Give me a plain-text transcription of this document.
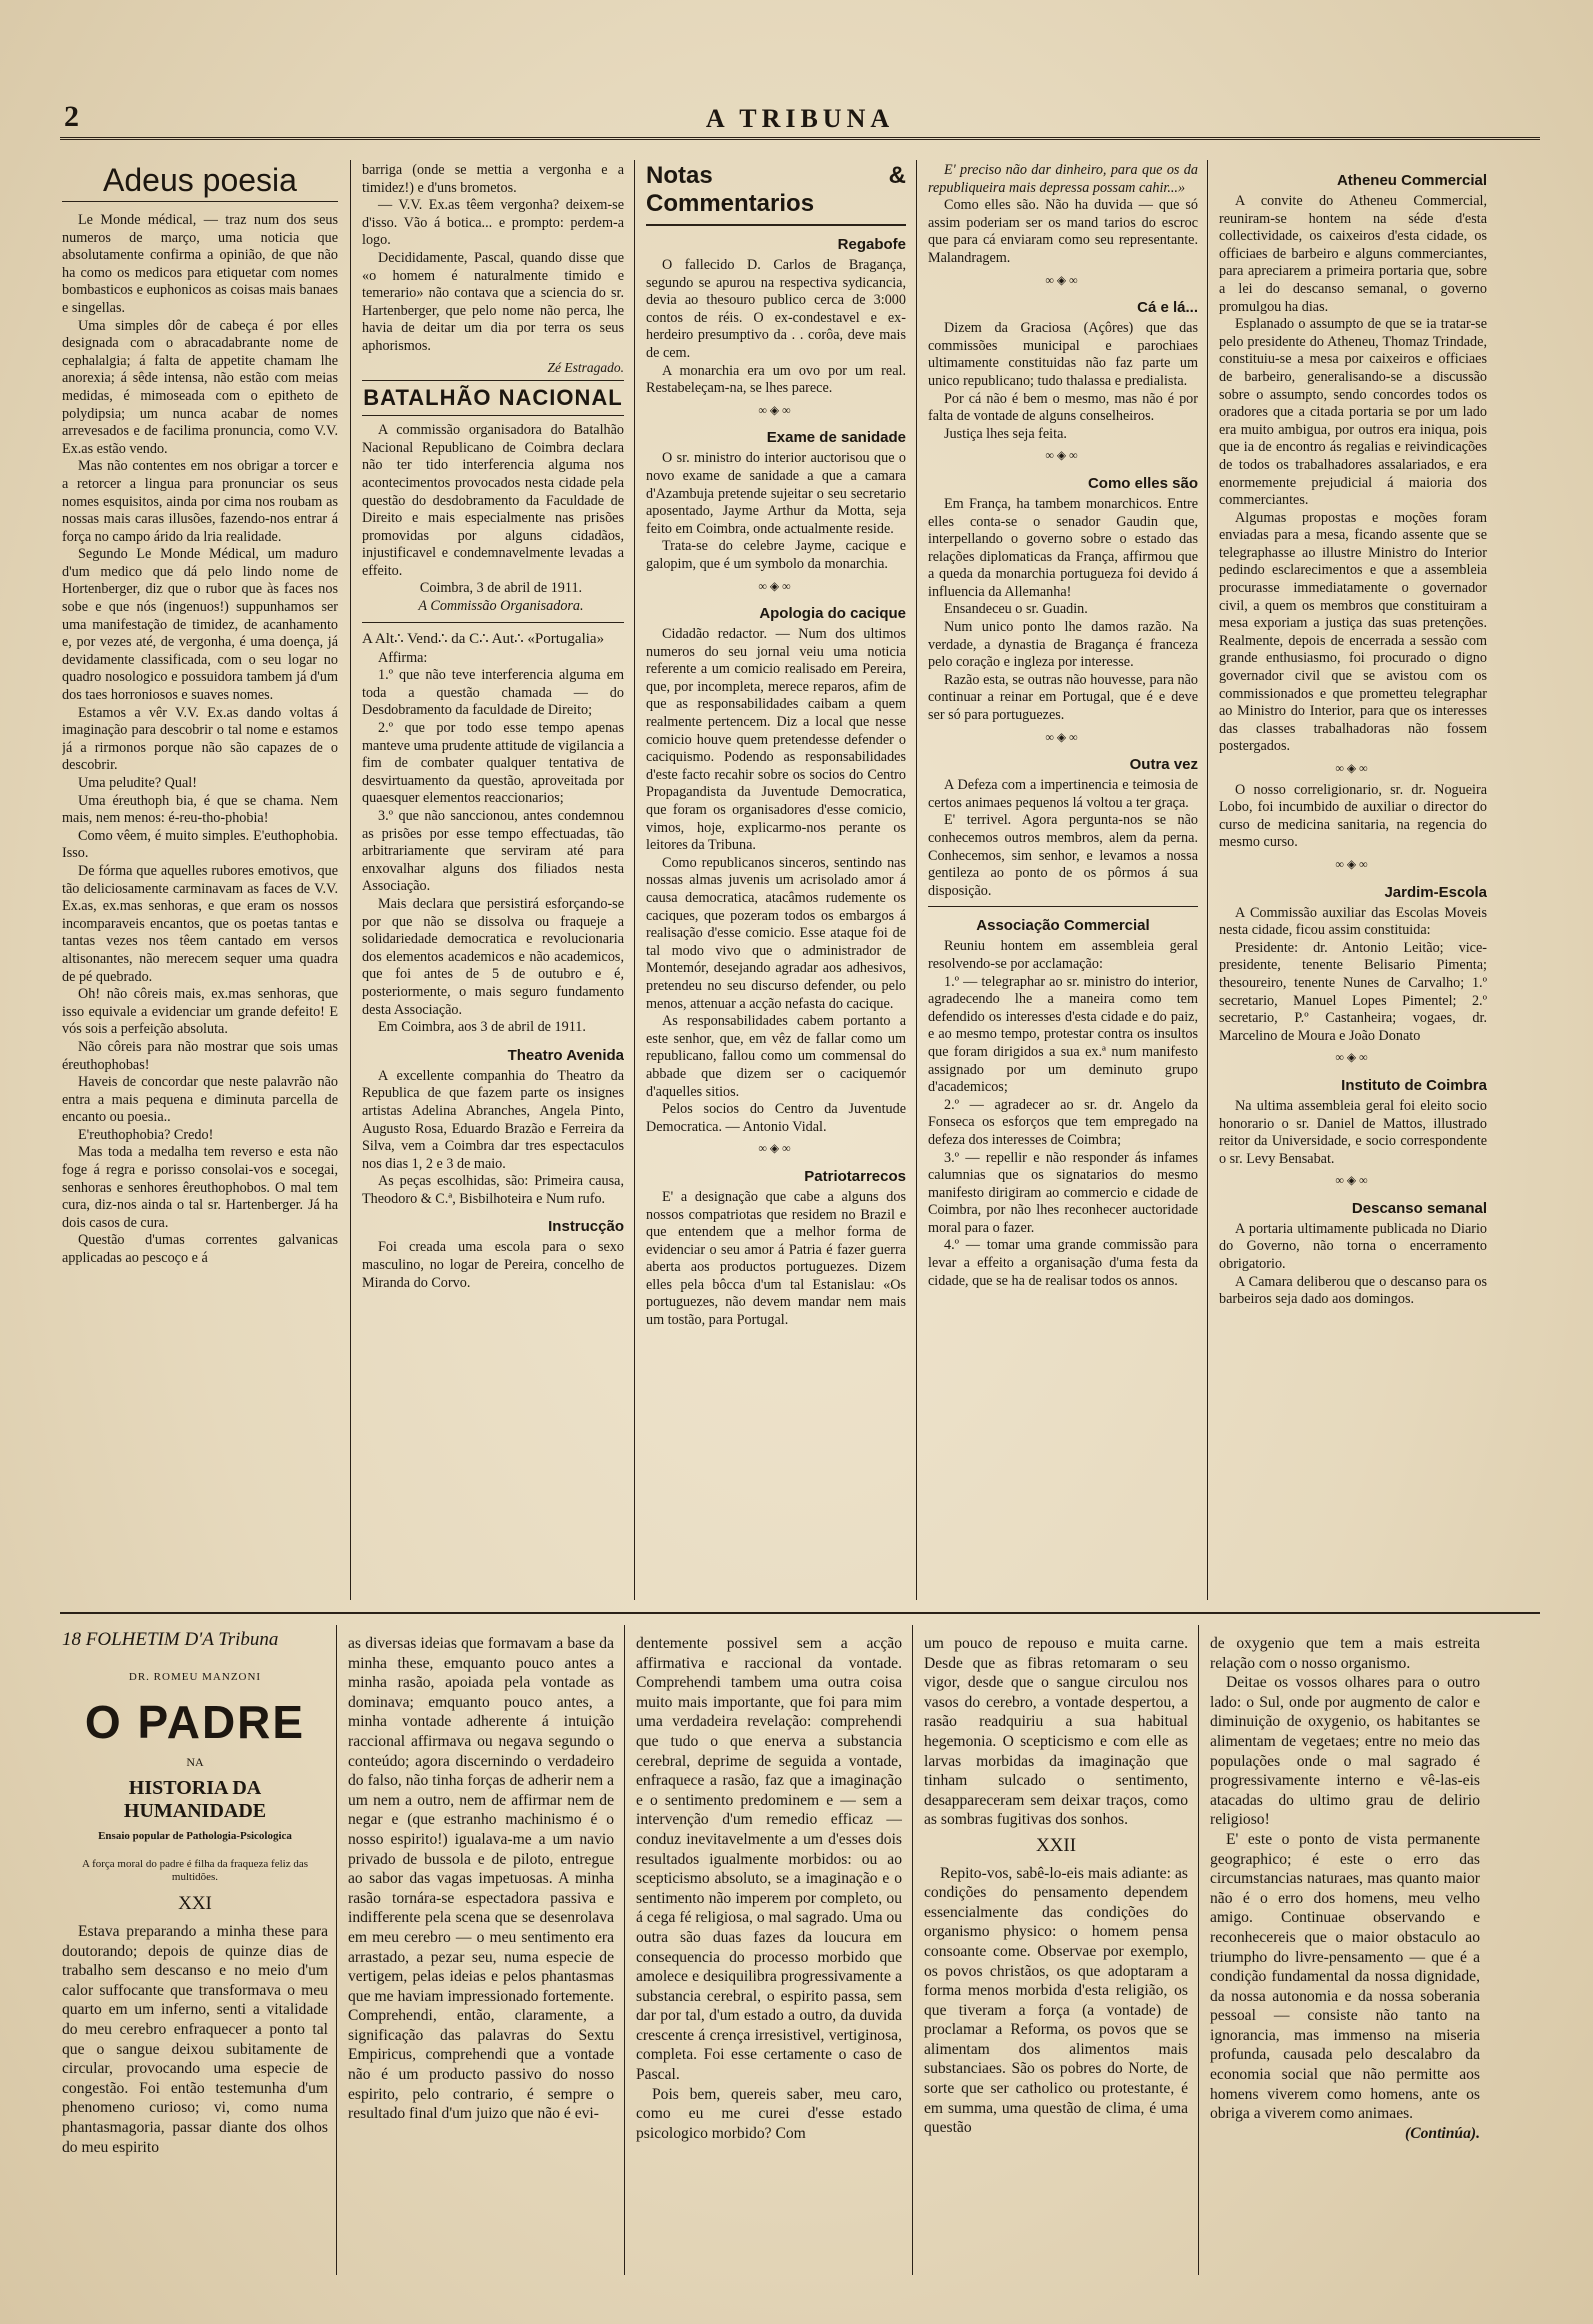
2	A TRIBUNA
Adeus poesia

Le Monde médical, — traz num dos seus numeros de março, uma noticia que absolutamente confirma a opinião, de que não ha como os medicos para etiquetar com nomes bombasticos e euphonicos as coisas mais banaes e singellas.

Uma simples dôr de cabeça é por elles designada com o abracadabrante nome de cephalalgia; á falta de appetite chamam lhe anorexia; á sêde intensa, não estão com meias medidas, é mimoseada com o epitheto de polydipsia; um nunca acabar de nomes arrevesados e de facilima pronuncia, como V.V. Ex.as estão vendo.

Mas não contentes em nos obrigar a torcer e a retorcer a lingua para pronunciar os seus nomes esquisitos, ainda por cima nos roubam as nossas mais caras illusões, fazendo-nos entrar á força no campo árido da lria realidade.

Segundo Le Monde Médical, um maduro d'um medico que dá pelo lindo nome de Hortenberger, diz que o rubor que às faces nos sobe e que nós (ingenuos!) suppunhamos ser uma manifestação de timidez, de acanhamento e, por vezes até, de vergonha, é uma doença, já devidamente classificada, com o seu logar no quadro nosologico e possuidora tambem já d'um dos taes horroniosos e suaves nomes.

Estamos a vêr V.V. Ex.as dando voltas á imaginação para descobrir o tal nome e estamos já a rirmonos porque não são capazes de o descobrir.

Uma peludite? Qual!

Uma éreuthoph bia, é que se chama. Nem mais, nem menos: é-reu-tho-phobia!

Como vêem, é muito simples. E'euthophobia. Isso.

De fórma que aquelles rubores emotivos, que tão deliciosamente carminavam as faces de V.V. Ex.as, ex.mas senhoras, e que eram os nossos incomparaveis encantos, que os poetas tantas e tantas vezes nos têem cantado em versos altisonantes, não merecem sequer uma quadra de pé quebrado.

Oh! não côreis mais, ex.mas senhoras, que isso equivale a evidenciar um grande defeito! E vós sois a perfeição absoluta.

Não côreis para não mostrar que sois umas éreuthophobas!

Haveis de concordar que neste palavrão não entra a mais pequena e diminuta parcella de encanto ou poesia..

E'reuthophobia? Credo!

Mas toda a medalha tem reverso e esta não foge á regra e porisso consolai-vos e socegai, senhoras e senhores êreuthophobos. O mal tem cura, diz-nos ainda o tal sr. Hartenberger. Já ha dois casos de cura.

Questão d'umas correntes galvanicas applicadas ao pescoço e á

barriga (onde se mettia a vergonha e a timidez!) e d'uns brometos.

— V.V. Ex.as têem vergonha? deixem-se d'isso. Vão á botica... e prompto: perdem-a logo.

Decididamente, Pascal, quando disse que «o homem é naturalmente timido e temerario» não contava que a sciencia do sr. Hartenberger, que pelo nome não perca, lhe havia de deitar um dia por terra os seus aphorismos.

Zé Estragado.
BATALHÃO NACIONAL

A commissão organisadora do Batalhão Nacional Republicano de Coimbra declara não ter tido interferencia alguma nos acontecimentos provocados nesta cidade pela questão do desdobramento da Faculdade de Direito e mais especialmente nas prisões promovidas por alguns cidadãos, injustificavel e condemnavelmente levadas a effeito.

Coimbra, 3 de abril de 1911.

A Commissão Organisadora.

A Alt∴ Vend∴ da C∴ Aut∴ «Portugalia»

Affirma:

1.º que não teve interferencia alguma em toda a questão chamada — do Desdobramento da faculdade de Direito;

2.º que por todo esse tempo apenas manteve uma prudente attitude de vigilancia a fim de combater qualquer tentativa de desvirtuamento da questão, aproveitada por quaesquer elementos reaccionarios;

3.º que não sanccionou, antes condemnou as prisões por esse tempo effectuadas, tão arbitrariamente que serviram até para enxovalhar alguns dos filiados nesta Associação.

Mais declara que persistirá esforçando-se por que não se dissolva ou fraqueje a solidariedade democratica e revolucionaria dos elementos academicos e não academicos, que foi antes de 5 de outubro e é, posteriormente, o mais seguro fundamento desta Associação.

Em Coimbra, aos 3 de abril de 1911.

Theatro Avenida

A excellente companhia do Theatro da Republica de que fazem parte os insignes artistas Adelina Abranches, Angela Pinto, Augusto Rosa, Eduardo Brazão e Ferreira da Silva, vem a Coimbra dar tres espectaculos nos dias 1, 2 e 3 de maio.

As peças escolhidas, são: Primeira causa, Theodoro & C.ª, Bisbilhoteira e Num rufo.

Instrucção

Foi creada uma escola para o sexo masculino, no logar de Pereira, concelho de Miranda do Corvo.

Notas & Commentarios
Regabofe

O fallecido D. Carlos de Bragança, segundo se apurou na respectiva sydicancia, devia ao thesouro publico cerca de 3:000 contos de réis. O ex-condestavel e ex-herdeiro presumptivo da . . corôa, deve mais de cem.

A monarchia era um ovo por um real. Restabeleçam-na, se lhes parece.

∞◈∞
Exame de sanidade

O sr. ministro do interior auctorisou que o novo exame de sanidade a que a camara d'Azambuja pretende sujeitar o seu secretario aposentado, Jayme Arthur da Motta, seja feito em Coimbra, onde actualmente reside.

Trata-se do celebre Jayme, cacique e galopim, que é um symbolo da monarchia.

∞◈∞
Apologia do cacique

Cidadão redactor. — Num dos ultimos numeros do seu jornal veiu uma noticia referente a um comicio realisado em Pereira, que, por incompleta, merece reparos, afim de que as responsabilidades caibam a quem realmente pertencem. Diz a local que nesse comicio houve quem pretendesse defender o caciquismo. Podendo as responsabilidades d'este facto recahir sobre os socios do Centro Propagandista da Juventude Democratica, que foram os organisadores d'esse comicio, vimos, hoje, explicarmo-nos perante os leitores da Tribuna.

Como republicanos sinceros, sentindo nas nossas almas juvenis um acrisolado amor á causa democratica, atacâmos rudemente os caciques, que pozeram todos os embargos á realisação d'esse comicio. Esse ataque foi de tal modo vivo que o administrador de Montemór, desejando agradar aos adhesivos, pretendeu no seu discurso defender, ou pelo menos, attenuar a acção nefasta do cacique.

As responsabilidades cabem portanto a este senhor, que, em vêz de fallar como um republicano, fallou como um commensal do abbade que dizem ser o caciquemór d'aquelles sitios.

Pelos socios do Centro da Juventude Democratica. — Antonio Vidal.

∞◈∞
Patriotarrecos

E' a designação que cabe a alguns dos nossos compatriotas que residem no Brazil e que entendem que a melhor forma de evidenciar o seu amor á Patria é fazer guerra aberta aos productos portuguezes. Dizem elles pela bôcca d'um tal Estanislau: «Os portuguezes, não devem mandar nem mais um tostão, para Portugal.

E' preciso não dar dinheiro, para que os da republiqueira mais depressa possam cahir...»

Como elles são. Não ha duvida — que só assim poderiam ser os mand tarios do escroc que para cá enviaram como seu representante. Malandragem.

∞◈∞
Cá e lá...

Dizem da Graciosa (Açôres) que das commissões municipal e parochiaes ultimamente constituidas não faz parte um unico republicano; tudo thalassa e predialista.

Por cá não é bem o mesmo, mas não é por falta de vontade de alguns conselheiros.

Justiça lhes seja feita.

∞◈∞
Como elles são

Em França, ha tambem monarchicos. Entre elles conta-se o senador Gaudin que, interpellando o governo sobre o estado das relações diplomaticas da França, affirmou que a queda da monarchia portugueza foi devido á influencia da Allemanha!

Ensandeceu o sr. Guadin.

Num unico ponto lhe damos razão. Na verdade, a dynastia de Bragança é franceza pelo coração e ingleza por interesse.

Razão esta, se outras não houvesse, para não continuar a reinar em Portugal, que é e deve ser só para portuguezes.

∞◈∞
Outra vez

A Defeza com a impertinencia e teimosia de certos animaes pequenos lá voltou a ter graça.

E' terrivel. Agora pergunta-nos se não conhecemos outros membros, alem da perna. Conhecemos, sim senhor, e levamos a nossa gentileza ao ponto de os pôrmos á sua disposição.

Associação Commercial

Reuniu hontem em assembleia geral resolvendo-se por acclamação:

1.º — telegraphar ao sr. ministro do interior, agradecendo lhe a maneira como tem defendido os interesses d'esta cidade e do paiz, e ao mesmo tempo, protestar contra os insultos que foram dirigidos a sua ex.ª num manifesto assignado por um deminuto grupo d'academicos;

2.º — agradecer ao sr. dr. Angelo da Fonseca os esforços que tem empregado na defeza dos interesses de Coimbra;

3.º — repellir e não responder ás infames calumnias que os signatarios do mesmo manifesto dirigiram ao commercio e cidade de Coimbra, por não lhes reconhecer auctoridade moral para o fazer.

4.º — tomar uma grande commissão para levar a effeito a organisação d'uma festa da cidade, que se ha de realisar todos os annos.

Atheneu Commercial

A convite do Atheneu Commercial, reuniram-se hontem na séde d'esta collectividade, os caixeiros d'esta cidade, os officiaes de barbeiro e alguns commerciantes, para apreciarem a primeira portaria que, sobre a lei do descanso semanal, o governo promulgou ha dias.

Esplanado o assumpto de que se ia tratar-se pelo presidente do Atheneu, Thomaz Trindade, constituiu-se a mesa por caixeiros e officiaes de barbeiro, generalisando-se a discussão sobre o assumpto, sendo concordes todos os oradores que a citada portaria se por um lado era muito ambigua, por outros era iniqua, pois que ia de encontro ás regalias e reivindicações de todos os trabalhadores assalariados, e era enormemente prejudicial á maioria dos commerciantes.

Algumas propostas e moções foram enviadas para a mesa, ficando assente que se telegraphasse ao illustre Ministro do Interior pedindo esclarecimentos e que a assembleia procurasse immediatamente o governador civil, a quem os membros que constituiram a mesa exporiam a justiça das suas pretenções. Realmente, depois de encerrada a sessão com grande enthusiasmo, foi procurado o digno governador civil que se avistou com os commissionados e que prometteu telegraphar ao Ministro do Interior, para que os interesses das classes trabalhadoras não fossem postergados.

∞◈∞

O nosso correligionario, sr. dr. Nogueira Lobo, foi incumbido de auxiliar o director do curso de medicina sanitaria, na regencia do mesmo curso.

∞◈∞
Jardim-Escola

A Commissão auxiliar das Escolas Moveis nesta cidade, ficou assim constituida:

Presidente: dr. Antonio Leitão; vice-presidente, tenente Belisario Pimenta; thesoureiro, tenente Nunes de Carvalho; 1.º secretario, Manuel Lopes Pimentel; 2.º secretario, P.º Castanheira; vogaes, dr. Marcelino de Moura e João Donato

∞◈∞
Instituto de Coimbra

Na ultima assembleia geral foi eleito socio honorario o sr. Daniel de Mattos, illustrado reitor da Universidade, e socio correspondente o sr. Levy Bensabat.

∞◈∞
Descanso semanal

A portaria ultimamente publicada no Diario do Governo, não torna o encerramento obrigatorio.

A Camara deliberou que o descanso para os barbeiros seja dado aos domingos.

18 FOLHETIM D'A Tribuna
DR. ROMEU MANZONI
O PADRE
NA
HISTORIA DA HUMANIDADE
Ensaio popular de Pathologia-Psicologica
A força moral do padre é filha da fraqueza feliz das multidões.
XXI

Estava preparando a minha these para doutorando; depois de quinze dias de trabalho sem descanso e no meio d'um calor suffocante que transformava o meu quarto em um inferno, senti a vitalidade do meu cerebro enfraquecer a ponto tal que o sangue deixou subitamente de circular, provocando uma especie de congestão. Foi então testemunha d'um phenomeno curioso; vi, como numa phantasmagoria, passar diante dos olhos do meu espirito

as diversas ideias que formavam a base da minha these, emquanto pouco antes a minha rasão, apoiada pela vontade as dominava; emquanto pouco antes, a minha vontade adherente á intuição raccional affirmava ou negava segundo o conteúdo; agora discernindo o verdadeiro do falso, não tinha forças de adherir nem a um nem a outro, nem de affirmar nem de negar e (que estranho machinismo é o nosso espirito!) igualava-me a um navio privado de bussola e de piloto, entregue ao sabor das vagas impetuosas. A minha rasão tornára-se espectadora passiva e indifferente pela scena que se desenrolava em meu cerebro — o meu sentimento era arrastado, a pezar seu, numa especie de vertigem, pelas ideias e pelos phantasmas que me haviam impressionado fortemente. Comprehendi, então, claramente, a significação das palavras do Sextu Empiricus, comprehendi que a vontade não é um producto passivo do nosso espirito, pelo contrario, é sempre o resultado final d'um juizo que não é evi-

dentemente possivel sem a acção affirmativa e raccional da vontade. Comprehendi tambem uma outra coisa muito mais importante, que foi para mim uma verdadeira revelação: comprehendi que tudo o que enerva a substancia cerebral, deprime de seguida a vontade, enfraquece a rasão, faz que a imaginação e o sentimento predominem e — sem a intervenção d'um remedio efficaz — conduz inevitavelmente a um d'esses dois resultados igualmente morbidos: ou ao scepticismo absoluto, se a imaginação e o sentimento não imperem por completo, ou á cega fé religiosa, o mal sagrado. Uma ou outra são duas fazes da loucura em consequencia do processo morbido que amolece e desiquilibra progressivamente a substancia cerebral, o espirito passa, sem dar por tal, d'um estado a outro, da duvida crescente á crença irresistivel, vertiginosa, completa. Foi esse certamente o caso de Pascal.

Pois bem, quereis saber, meu caro, como eu me curei d'esse estado psicologico morbido? Com

um pouco de repouso e muita carne. Desde que as fibras retomaram o seu vigor, desde que o sangue circulou nos vasos do cerebro, a vontade despertou, a rasão readquiriu a sua habitual hegemonia. O scepticismo e com elle as larvas morbidas da imaginação que tinham sulcado o sentimento, desappareceram sem deixar traços, como as sombras fugitivas dos sonhos.

XXII

Repito-vos, sabê-lo-eis mais adiante: as condições do pensamento dependem essencialmente das condições do organismo physico: o homem pensa consoante come. Observae por exemplo, os povos christãos, os que adoptaram a forma menos morbida d'esta religião, os que tiveram a força (a vontade) de proclamar a Reforma, os povos que se alimentam dos alimentos mais substanciaes. São os pobres do Norte, de sorte que ser catholico ou protestante, é em summa, uma questão de clima, é uma questão

de oxygenio que tem a mais estreita relação com o nosso organismo.

Deitae os vossos olhares para o outro lado: o Sul, onde por augmento de calor e diminuição de oxygenio, os habitantes se alimentam de vegetaes; entre no meio das populações onde o mal sagrado é progressivamente interno e vê-las-eis atacadas do ultimo grau de delirio religioso!

E' este o ponto de vista permanente geographico; é este o erro das circumstancias naturaes, mas quanto maior não é o erro dos homens, meu velho amigo. Continuae observando e reconhecereis que o maior obstaculo ao triumpho do livre-pensamento — que é a condição fundamental da nossa dignidade, da nossa autonomia e da nossa soberania pessoal — consiste não tanto na ignorancia, mas immenso na miseria profunda, causada pelo descalabro da economia social que não permitte aos homens viverem como homens, ante os obriga a viverem como animaes.

(Continúa).
